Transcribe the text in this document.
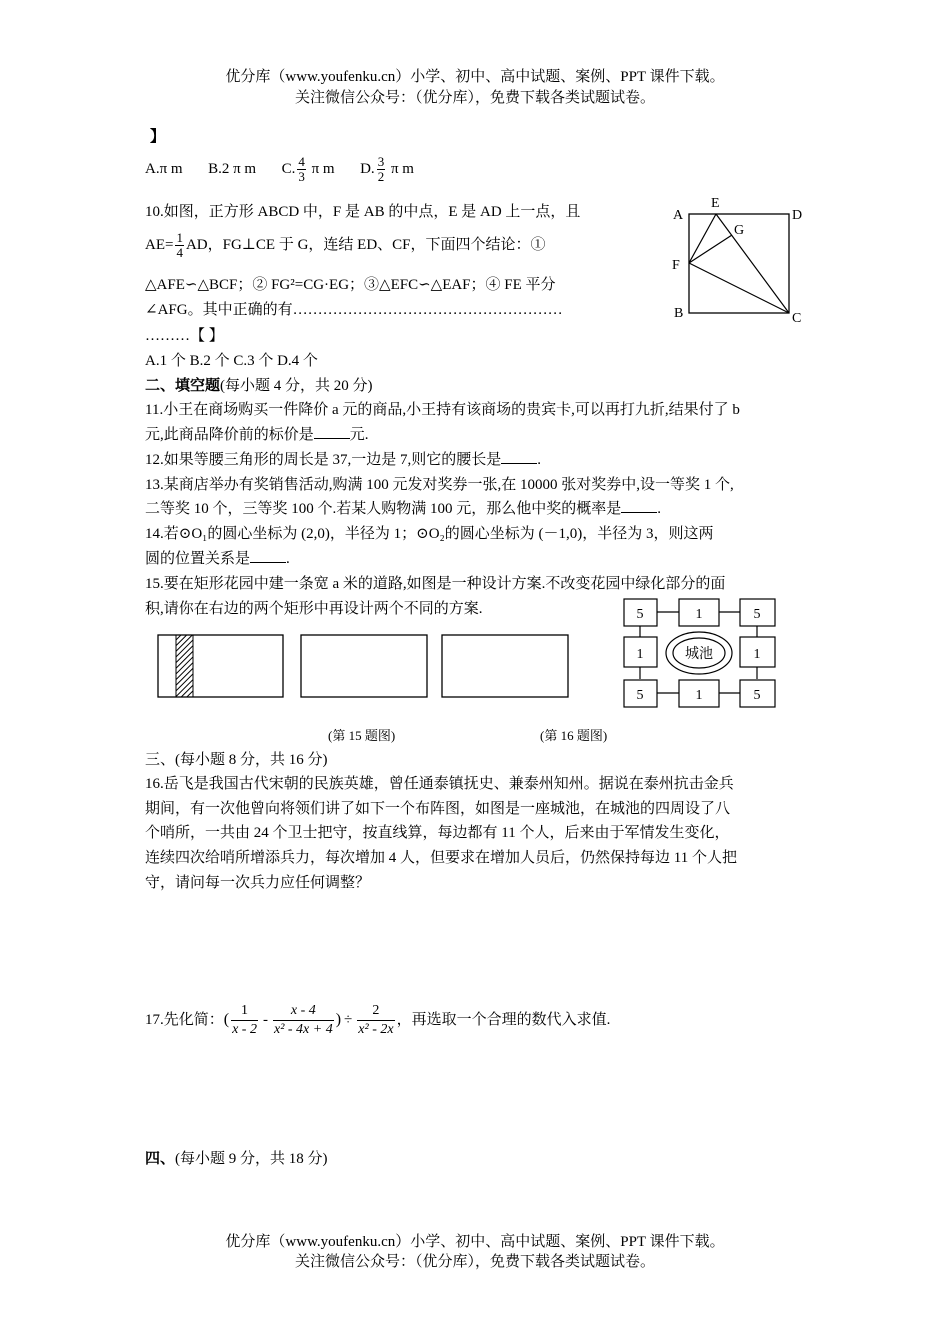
优分库（www.youfenku.cn）小学、初中、高中试题、案例、PPT 课件下载。
关注微信公众号：（优分库），免费下载各类试题试卷。
】
A.π m B.2 π m C. $\frac{4}{3}$ π m D. $\frac{3}{2}$ π m
10.如图，正方形 ABCD 中，F 是 AB 的中点，E 是 AD 上一点，且
$AE= \frac{1}{4}$ AD，FG⊥CE 于 G，连结 ED、CF，下面四个结论：①
△AFE∽△BCF；② FG²=CG·EG；③△EFC∽△EAF；④ FE 平分
∠AFG。其中正确的有………………………………………………
………【 】
A.1 个 B.2 个 C.3 个 D.4 个
A
E
D
G
F
B	C
二、填空题(每小题 4 分，共 20 分)
11.小王在商场购买一件降价 a 元的商品,小王持有该商场的贵宾卡,可以再打九折,结果付了 b
元,此商品降价前的标价是 元.
12.如果等腰三角形的周长是 37,一边是 7,则它的腰长是 .
13.某商店举办有奖销售活动,购满 100 元发对奖券一张,在 10000 张对奖券中,设一等奖 1 个,
二等奖 10 个，三等奖 100 个.若某人购物满 100 元，那么他中奖的概率是 .
14.若⊙O₁的圆心坐标为 (2,0)，半径为 1；⊙O₂的圆心坐标为 (－1,0)，半径为 3，则这两
圆的位置关系是 .
15.要在矩形花园中建一条宽 a 米的道路,如图是一种设计方案.不改变花园中绿化部分的面
积,请你在右边的两个矩形中再设计两个不同的方案.	5	1	5
1	城池	1
5	1	5
(第 15 题图)	(第 16 题图)
三、(每小题 8 分，共 16 分)
16.岳飞是我国古代宋朝的民族英雄，曾任通泰镇抚史、兼泰州知州。据说在泰州抗击金兵
期间，有一次他曾向将领们讲了如下一个布阵图，如图是一座城池，在城池的四周设了八
个哨所，一共由 24 个卫士把守，按直线算，每边都有 11 个人，后来由于军情发生变化，
连续四次给哨所增添兵力，每次增加 4 人，但要求在增加人员后，仍然保持每边 11 个人把
守，请问每一次兵力应任何调整？
17.先化简：( $\frac{1}{x - 2} - \frac{x - 4}{\text{x² - 4x + 4}}$ ) ÷ $\frac{2}{\text{x² - 2x}}$ ，再选取一个合理的数代入求值.
四、(每小题 9 分，共 18 分)
优分库（www.youfenku.cn）小学、初中、高中试题、案例、PPT 课件下载。
关注微信公众号：（优分库），免费下载各类试题试卷。
